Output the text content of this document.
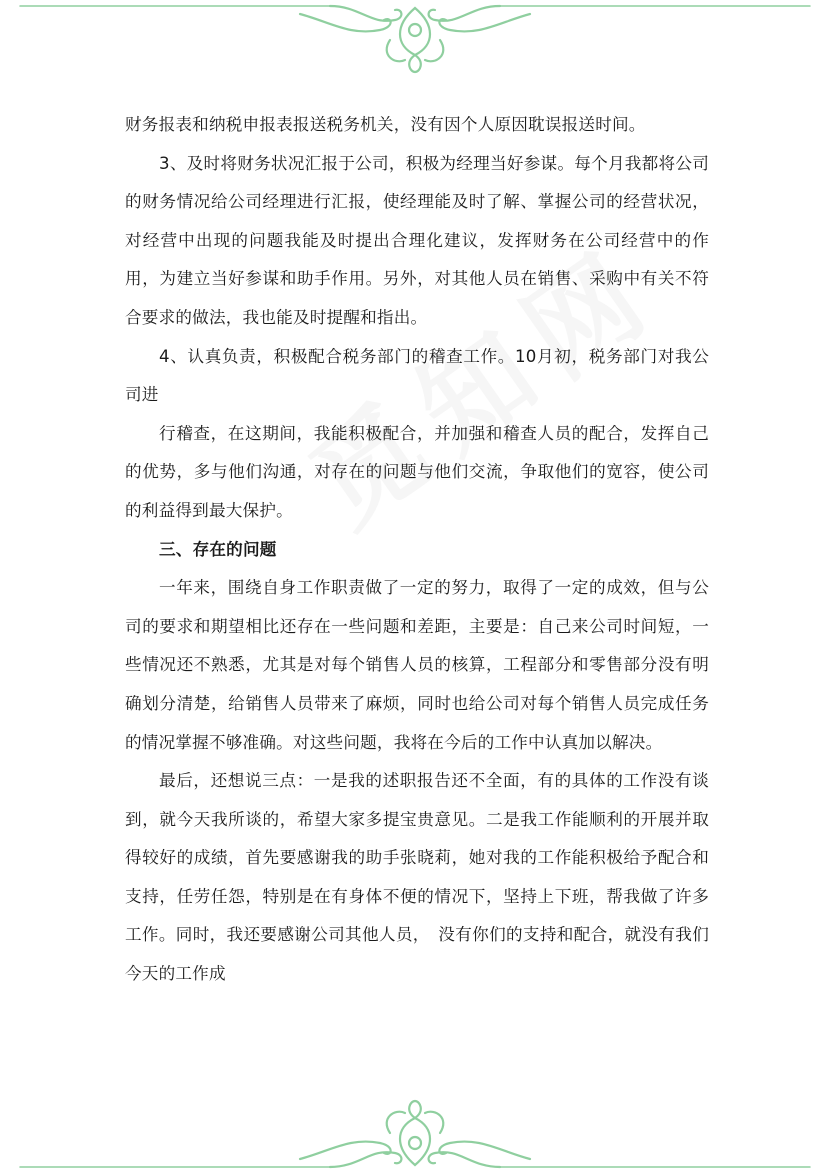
财务报表和纳税申报表报送税务机关，没有因个人原因耽误报送时间。

3、及时将财务状况汇报于公司，积极为经理当好参谋。每个月我都将公司的财务情况给公司经理进行汇报，使经理能及时了解、掌握公司的经营状况，对经营中出现的问题我能及时提出合理化建议，发挥财务在公司经营中的作用，为建立当好参谋和助手作用。另外，对其他人员在销售、采购中有关不符合要求的做法，我也能及时提醒和指出。

4、认真负责，积极配合税务部门的稽查工作。10月初，税务部门对我公司进

行稽查，在这期间，我能积极配合，并加强和稽查人员的配合，发挥自己的优势，多与他们沟通，对存在的问题与他们交流，争取他们的宽容，使公司的利益得到最大保护。

三、存在的问题

一年来，围绕自身工作职责做了一定的努力，取得了一定的成效，但与公司的要求和期望相比还存在一些问题和差距，主要是：自己来公司时间短，一些情况还不熟悉，尤其是对每个销售人员的核算，工程部分和零售部分没有明确划分清楚，给销售人员带来了麻烦，同时也给公司对每个销售人员完成任务的情况掌握不够准确。对这些问题，我将在今后的工作中认真加以解决。

最后，还想说三点：一是我的述职报告还不全面，有的具体的工作没有谈到，就今天我所谈的，希望大家多提宝贵意见。二是我工作能顺利的开展并取得较好的成绩，首先要感谢我的助手张晓莉，她对我的工作能积极给予配合和支持，任劳任怨，特别是在有身体不便的情况下，坚持上下班，帮我做了许多工作。同时，我还要感谢公司其他人员，　没有你们的支持和配合，就没有我们今天的工作成
